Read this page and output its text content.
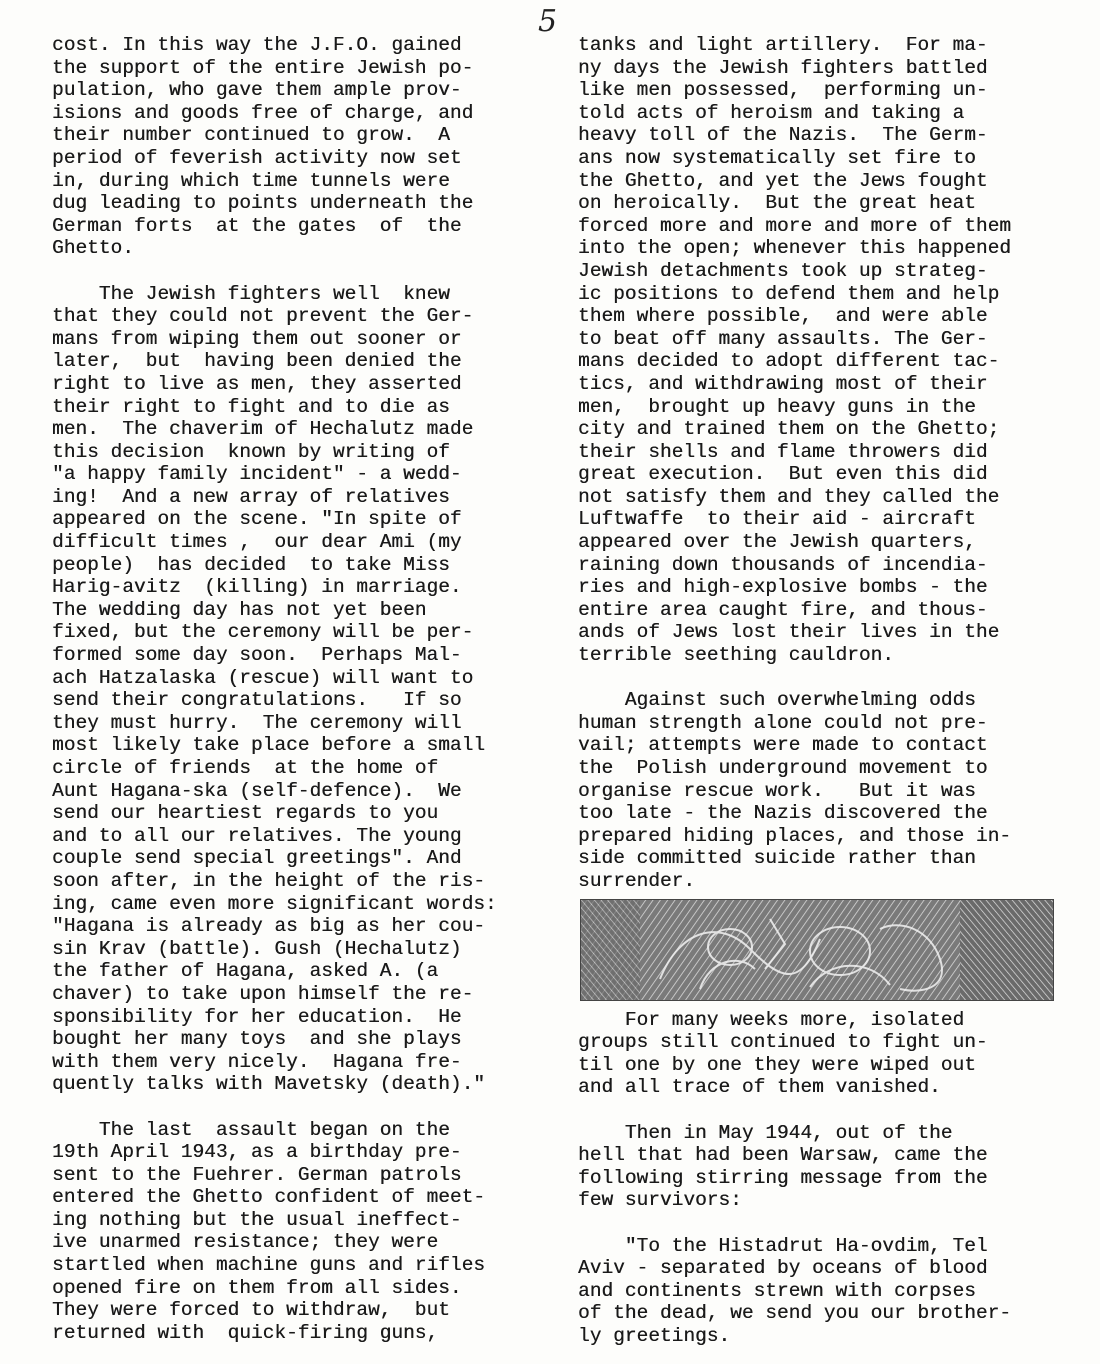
5
cost. In this way the J.F.O. gained
the support of the entire Jewish po-
pulation, who gave them ample prov-
isions and goods free of charge, and
their number continued to grow.  A
period of feverish activity now set
in, during which time tunnels were
dug leading to points underneath the
German forts  at the gates  of  the
Ghetto.
The Jewish fighters well  knew
that they could not prevent the Ger-
mans from wiping them out sooner or
later,  but  having been denied the
right to live as men, they asserted
their right to fight and to die as
men.  The chaverim of Hechalutz made
this decision  known by writing of
"a happy family incident" - a wedd-
ing!  And a new array of relatives
appeared on the scene. "In spite of
difficult times ,  our dear Ami (my
people)  has decided  to take Miss
Harig-avitz  (killing) in marriage.
The wedding day has not yet been
fixed, but the ceremony will be per-
formed some day soon.  Perhaps Mal-
ach Hatzalaska (rescue) will want to
send their congratulations.   If so
they must hurry.  The ceremony will
most likely take place before a small
circle of friends  at the home of
Aunt Hagana-ska (self-defence).  We
send our heartiest regards to you
and to all our relatives. The young
couple send special greetings". And
soon after, in the height of the ris-
ing, came even more significant words:
"Hagana is already as big as her cou-
sin Krav (battle). Gush (Hechalutz)
the father of Hagana, asked A. (a
chaver) to take upon himself the re-
sponsibility for her education.  He
bought her many toys  and she plays
with them very nicely.  Hagana fre-
quently talks with Mavetsky (death)."
The last  assault began on the
19th April 1943, as a birthday pre-
sent to the Fuehrer. German patrols
entered the Ghetto confident of meet-
ing nothing but the usual ineffect-
ive unarmed resistance; they were
startled when machine guns and rifles
opened fire on them from all sides.
They were forced to withdraw,  but
returned with  quick-firing guns,
tanks and light artillery.  For ma-
ny days the Jewish fighters battled
like men possessed,  performing un-
told acts of heroism and taking a
heavy toll of the Nazis.  The Germ-
ans now systematically set fire to
the Ghetto, and yet the Jews fought
on heroically.  But the great heat
forced more and more and more of them
into the open; whenever this happened
Jewish detachments took up strateg-
ic positions to defend them and help
them where possible,  and were able
to beat off many assaults. The Ger-
mans decided to adopt different tac-
tics, and withdrawing most of their
men,  brought up heavy guns in the
city and trained them on the Ghetto;
their shells and flame throwers did
great execution.  But even this did
not satisfy them and they called the
Luftwaffe  to their aid - aircraft
appeared over the Jewish quarters,
raining down thousands of incendia-
ries and high-explosive bombs - the
entire area caught fire, and thous-
ands of Jews lost their lives in the
terrible seething cauldron.
Against such overwhelming odds
human strength alone could not pre-
vail; attempts were made to contact
the  Polish underground movement to
organise rescue work.   But it was
too late - the Nazis discovered the
prepared hiding places, and those in-
side committed suicide rather than
surrender.
For many weeks more, isolated
groups still continued to fight un-
til one by one they were wiped out
and all trace of them vanished.
Then in May 1944, out of the
hell that had been Warsaw, came the
following stirring message from the
few survivors:
"To the Histadrut Ha-ovdim, Tel
Aviv - separated by oceans of blood
and continents strewn with corpses
of the dead, we send you our brother-
ly greetings.
